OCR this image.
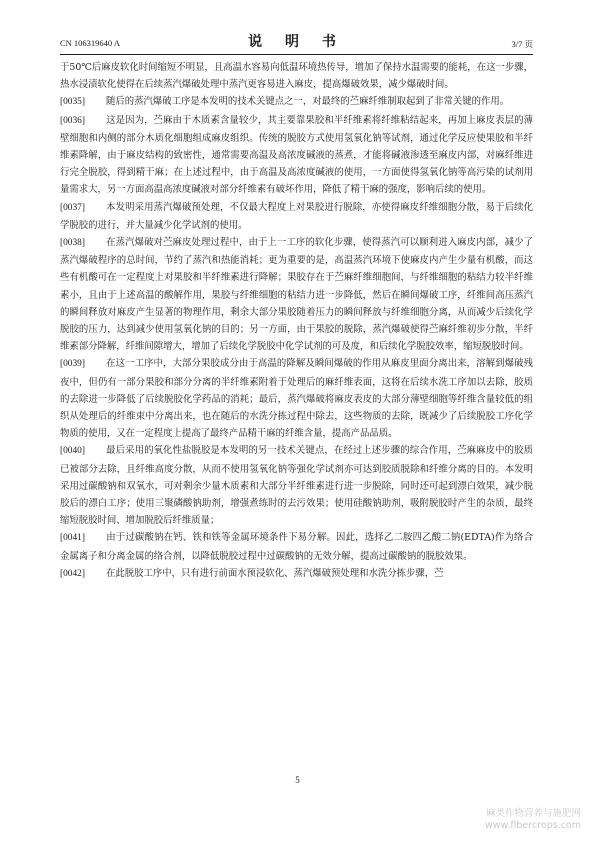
CN 106319640 A	说 明 书	3/7 页

于50℃后麻皮软化时间缩短不明显，且高温水容易向低温环境热传导，增加了保持水温需要的能耗，在这一步骤，热水浸渍软化使得在后续蒸汽爆破处理中蒸汽更容易进入麻皮，提高爆破效果，减少爆破时间。

[0035] 随后的蒸汽爆破工序是本发明的技术关键点之一，对最终的苎麻纤维制取起到了非常关键的作用。

[0036] 这是因为，苎麻由于木质素含量较少，其主要靠果胶和半纤维素将纤维粘结起来，再加上麻皮表层的薄壁细胞和内侧的部分木质化细胞组成麻皮组织。传统的脱胶方式使用氢氧化钠等试剂，通过化学反应使果胶和半纤维素降解，由于麻皮结构的致密性，通常需要高温及高浓度碱液的蒸煮，才能将碱液渗透至麻皮内部，对麻纤维进行完全脱胶，得到精干麻；在上述过程中，由于高温及高浓度碱液的使用，一方面使得氢氧化钠等高污染的试剂用量需求大，另一方面高温高浓度碱液对部分纤维素有破坏作用，降低了精干麻的强度，影响后续的使用。

[0037] 本发明采用蒸汽爆破预处理，不仅最大程度上对果胶进行脱除，亦使得麻皮纤维细胞分散，易于后续化学脱胶的进行，并大量减少化学试剂的使用。

[0038] 在蒸汽爆破对苎麻皮处理过程中，由于上一工序的软化步骤，使得蒸汽可以顺利进入麻皮内部，减少了蒸汽爆破程序的总时间，节约了蒸汽和热能消耗；更为重要的是，高温蒸汽环境下使麻皮内产生少量有机酸，而这些有机酸可在一定程度上对果胶和半纤维素进行降解；果胶存在于苎麻纤维细胞间，与纤维细胞的粘结力较半纤维素小，且由于上述高温的酸解作用，果胶与纤维细胞的粘结力进一步降低，然后在瞬间爆破工序，纤维间高压蒸汽的瞬间释放对麻皮产生显著的物理作用，剩余大部分果胶随着压力的瞬间释放与纤维细胞分离，从而减少后续化学脱胶的压力，达到减少使用氢氧化钠的目的；另一方面，由于果胶的脱除，蒸汽爆破使得苎麻纤维初步分散，半纤维素部分降解，纤维间隙增大，增加了后续化学脱胶中化学试剂的可及度，和后续化学脱胶效率，缩短脱胶时间。

[0039] 在这一工序中，大部分果胶成分由于高温的降解及瞬间爆破的作用从麻皮里面分离出来，溶解到爆破残夜中，但仍有一部分果胶和部分分离的半纤维素附着于处理后的麻纤维表面，这将在后续水洗工序加以去除，胶质的去除进一步降低了后续脱胶化学药品的消耗；最后，蒸汽爆破将麻皮表皮的大部分薄壁细胞等纤维含量较低的组织从处理后的纤维束中分离出来，也在随后的水洗分拣过程中除去，这些物质的去除，既减少了后续脱胶工序化学物质的使用，又在一定程度上提高了最终产品精干麻的纤维含量，提高产品品质。

[0040] 最后采用的氧化性盐脱胶是本发明的另一技术关键点，在经过上述步骤的综合作用，苎麻麻皮中的胶质已被部分去除，且纤维高度分散，从而不使用氢氧化钠等强化学试剂亦可达到胶质脱除和纤维分离的目的。本发明采用过碳酸钠和双氧水，可对剩余少量木质素和大部分半纤维素进行进一步脱除，同时还可起到漂白效果，减少脱胶后的漂白工序；使用三聚磷酸钠助剂，增强煮练时的去污效果；使用硅酸钠助剂，吸附脱胶时产生的杂质，最终缩短脱胶时间、增加脱胶后纤维质量；

[0041] 由于过碳酸钠在钙、铁和铁等金属环境条件下易分解。因此，选择乙二胺四乙酸二钠(EDTA)作为络合金属离子和分离金属的络合剂，以降低脱胶过程中过碳酸钠的无效分解，提高过碳酸钠的脱胶效果。

[0042] 在此脱胶工序中，只有进行前面水预浸软化、蒸汽爆破预处理和水洗分拣步骤，苎

5
麻类作物营养与施肥网
www.fibercrops.com
